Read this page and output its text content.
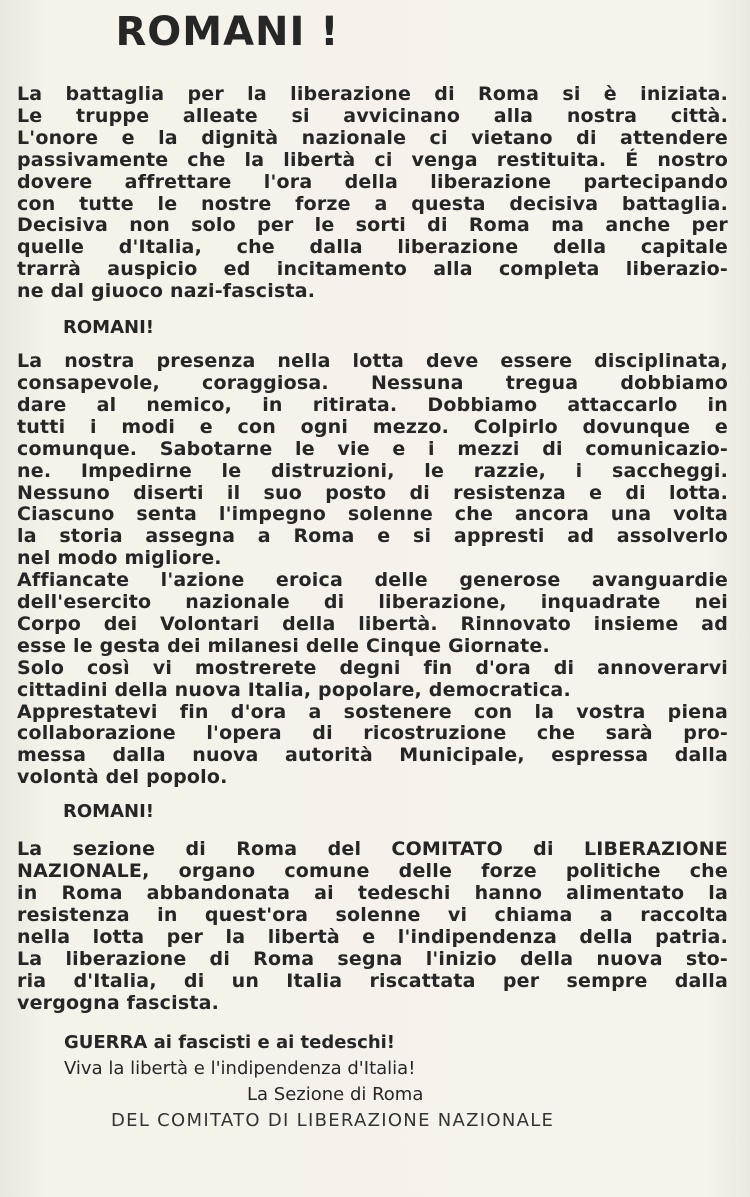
ROMANI !
La battaglia per la liberazione di Roma si è iniziata.
Le truppe alleate si avvicinano alla nostra città.
L'onore e la dignità nazionale ci vietano di attendere
passivamente che la libertà ci venga restituita. É nostro
dovere affrettare l'ora della liberazione partecipando
con tutte le nostre forze a questa decisiva battaglia.
Decisiva non solo per le sorti di Roma ma anche per
quelle d'Italia, che dalla liberazione della capitale
trarrà auspicio ed incitamento alla completa liberazio-
ne dal giuoco nazi-fascista.
ROMANI!
La nostra presenza nella lotta deve essere disciplinata,
consapevole, coraggiosa. Nessuna tregua dobbiamo
dare al nemico, in ritirata. Dobbiamo attaccarlo in
tutti i modi e con ogni mezzo. Colpirlo dovunque e
comunque. Sabotarne le vie e i mezzi di comunicazio-
ne. Impedirne le distruzioni, le razzie, i saccheggi.
Nessuno diserti il suo posto di resistenza e di lotta.
Ciascuno senta l'impegno solenne che ancora una volta
la storia assegna a Roma e si appresti ad assolverlo
nel modo migliore.
Affiancate l'azione eroica delle generose avanguardie
dell'esercito nazionale di liberazione, inquadrate nei
Corpo dei Volontari della libertà. Rinnovato insieme ad
esse le gesta dei milanesi delle Cinque Giornate.
Solo così vi mostrerete degni fin d'ora di annoverarvi
cittadini della nuova Italia, popolare, democratica.
Apprestatevi fin d'ora a sostenere con la vostra piena
collaborazione l'opera di ricostruzione che sarà pro-
messa dalla nuova autorità Municipale, espressa dalla
volontà del popolo.
ROMANI!
La sezione di Roma del COMITATO di LIBERAZIONE
NAZIONALE, organo comune delle forze politiche che
in Roma abbandonata ai tedeschi hanno alimentato la
resistenza in quest'ora solenne vi chiama a raccolta
nella lotta per la libertà e l'indipendenza della patria.
La liberazione di Roma segna l'inizio della nuova sto-
ria d'Italia, di un Italia riscattata per sempre dalla
vergogna fascista.
GUERRA ai fascisti e ai tedeschi!
Viva la libertà e l'indipendenza d'Italia!
La Sezione di Roma
DEL COMITATO DI LIBERAZIONE NAZIONALE
